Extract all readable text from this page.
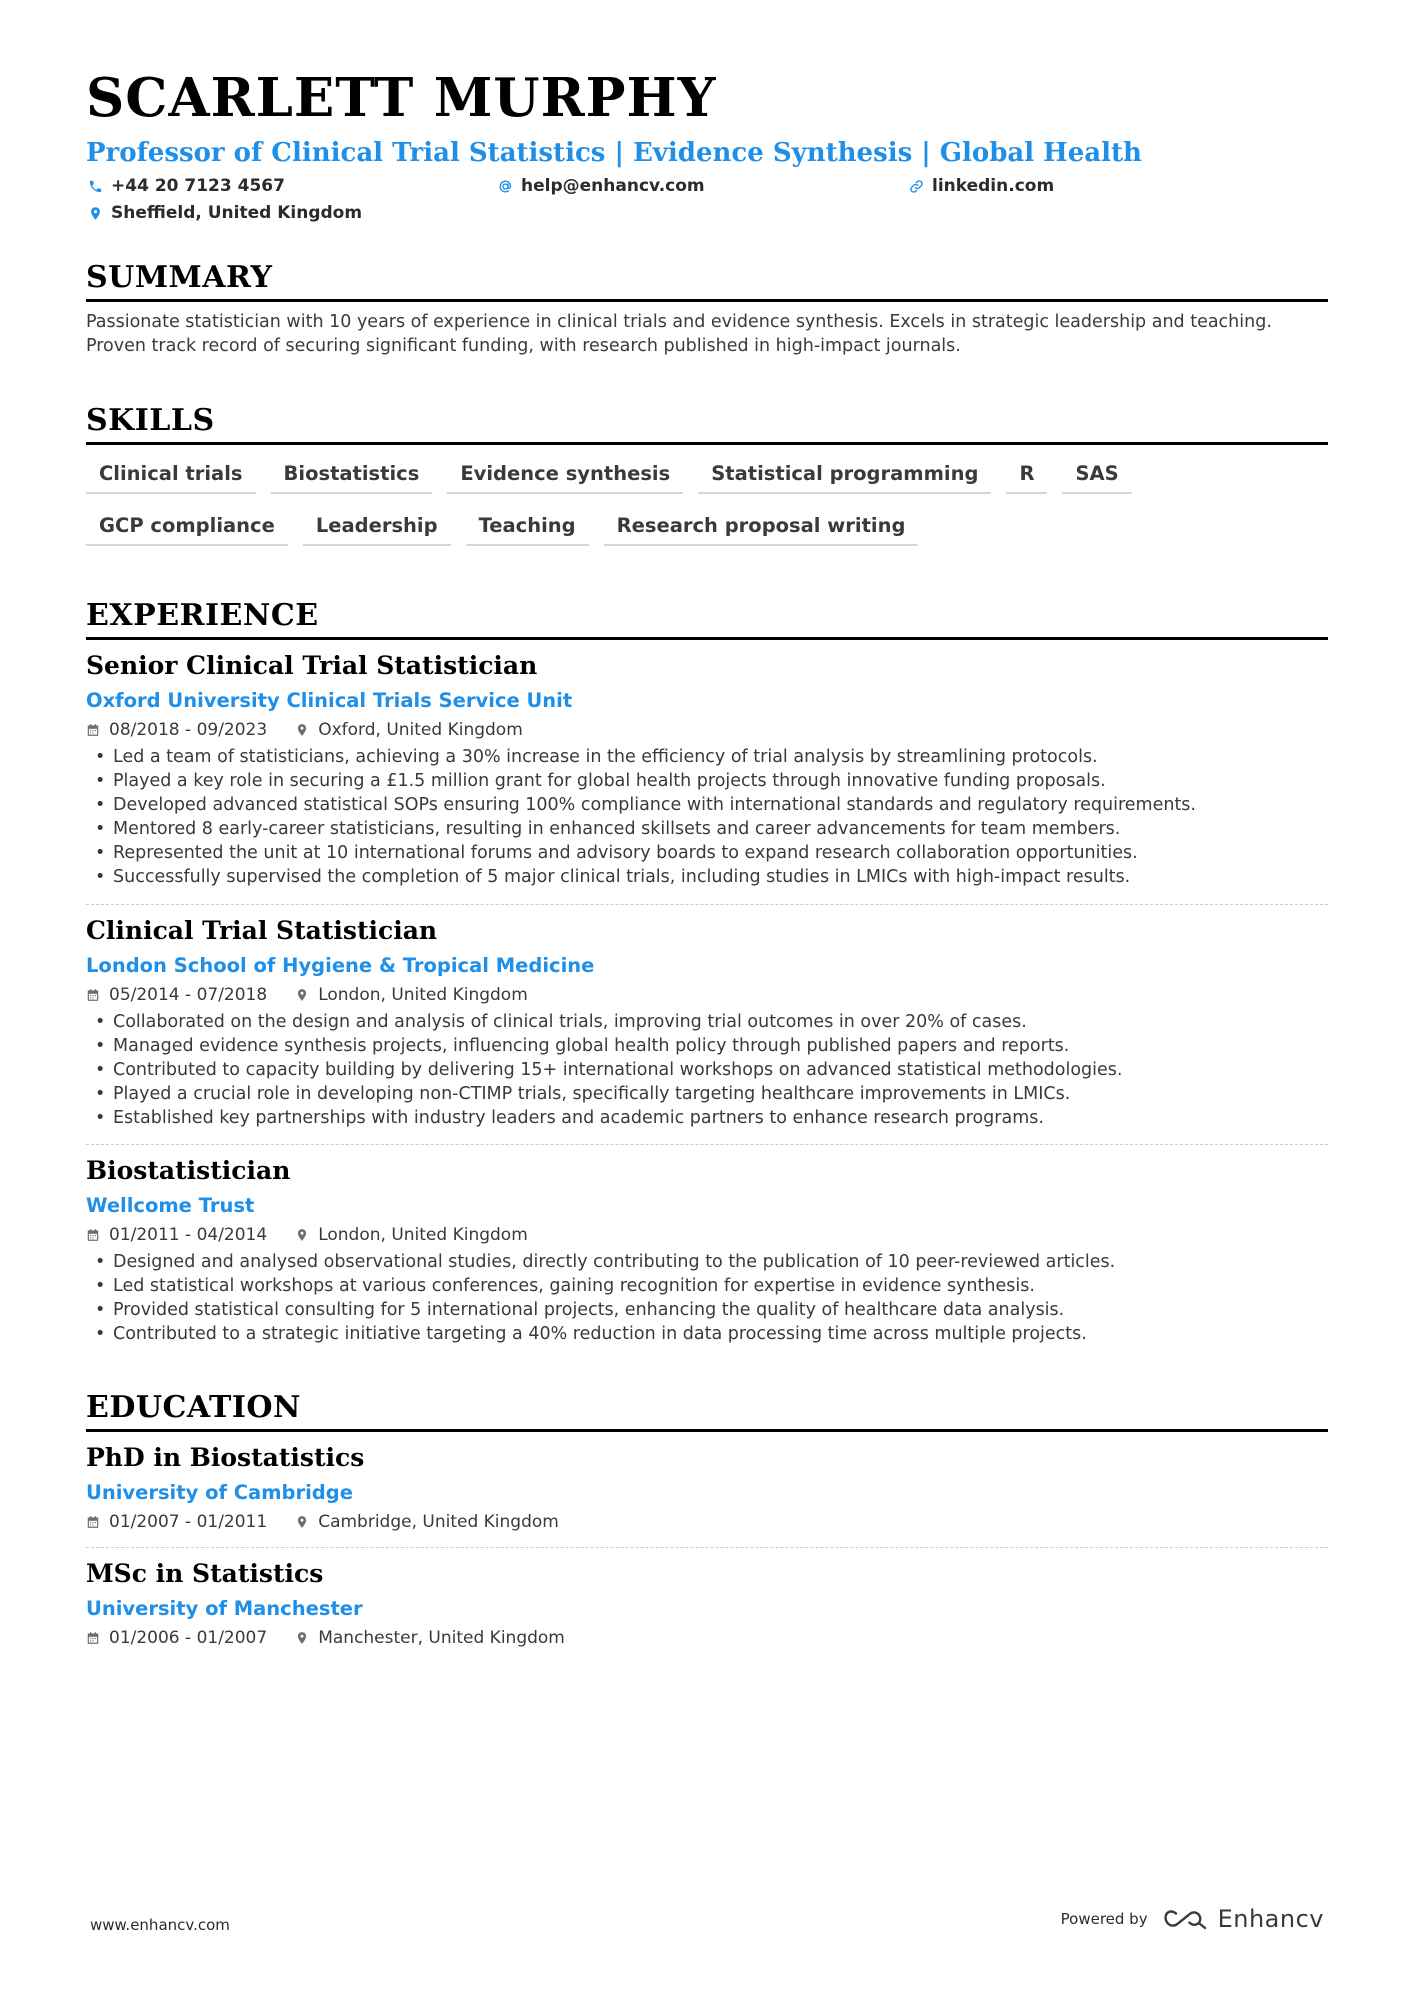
SCARLETT MURPHY
Professor of Clinical Trial Statistics | Evidence Synthesis | Global Health
+44 20 7123 4567	help@enhancv.com	linkedin.com
Sheffield, United Kingdom
SUMMARY

Passionate statistician with 10 years of experience in clinical trials and evidence synthesis. Excels in strategic leadership and teaching. Proven track record of securing significant funding, with research published in high-impact journals.

SKILLS
Clinical trials	Biostatistics	Evidence synthesis	Statistical programming	R	SAS
GCP compliance	Leadership	Teaching	Research proposal writing
EXPERIENCE
Senior Clinical Trial Statistician
Oxford University Clinical Trials Service Unit
08/2018 - 09/2023	Oxford, United Kingdom
• Led a team of statisticians, achieving a 30% increase in the efficiency of trial analysis by streamlining protocols.
• Played a key role in securing a £1.5 million grant for global health projects through innovative funding proposals.
• Developed advanced statistical SOPs ensuring 100% compliance with international standards and regulatory requirements.
• Mentored 8 early-career statisticians, resulting in enhanced skillsets and career advancements for team members.
• Represented the unit at 10 international forums and advisory boards to expand research collaboration opportunities.
• Successfully supervised the completion of 5 major clinical trials, including studies in LMICs with high-impact results.
Clinical Trial Statistician
London School of Hygiene & Tropical Medicine
05/2014 - 07/2018	London, United Kingdom
• Collaborated on the design and analysis of clinical trials, improving trial outcomes in over 20% of cases.
• Managed evidence synthesis projects, influencing global health policy through published papers and reports.
• Contributed to capacity building by delivering 15+ international workshops on advanced statistical methodologies.
• Played a crucial role in developing non-CTIMP trials, specifically targeting healthcare improvements in LMICs.
• Established key partnerships with industry leaders and academic partners to enhance research programs.
Biostatistician
Wellcome Trust
01/2011 - 04/2014	London, United Kingdom
• Designed and analysed observational studies, directly contributing to the publication of 10 peer-reviewed articles.
• Led statistical workshops at various conferences, gaining recognition for expertise in evidence synthesis.
• Provided statistical consulting for 5 international projects, enhancing the quality of healthcare data analysis.
• Contributed to a strategic initiative targeting a 40% reduction in data processing time across multiple projects.
EDUCATION
PhD in Biostatistics
University of Cambridge
01/2007 - 01/2011	Cambridge, United Kingdom
MSc in Statistics
University of Manchester
01/2006 - 01/2007	Manchester, United Kingdom
www.enhancv.com	Powered by	Enhancv
